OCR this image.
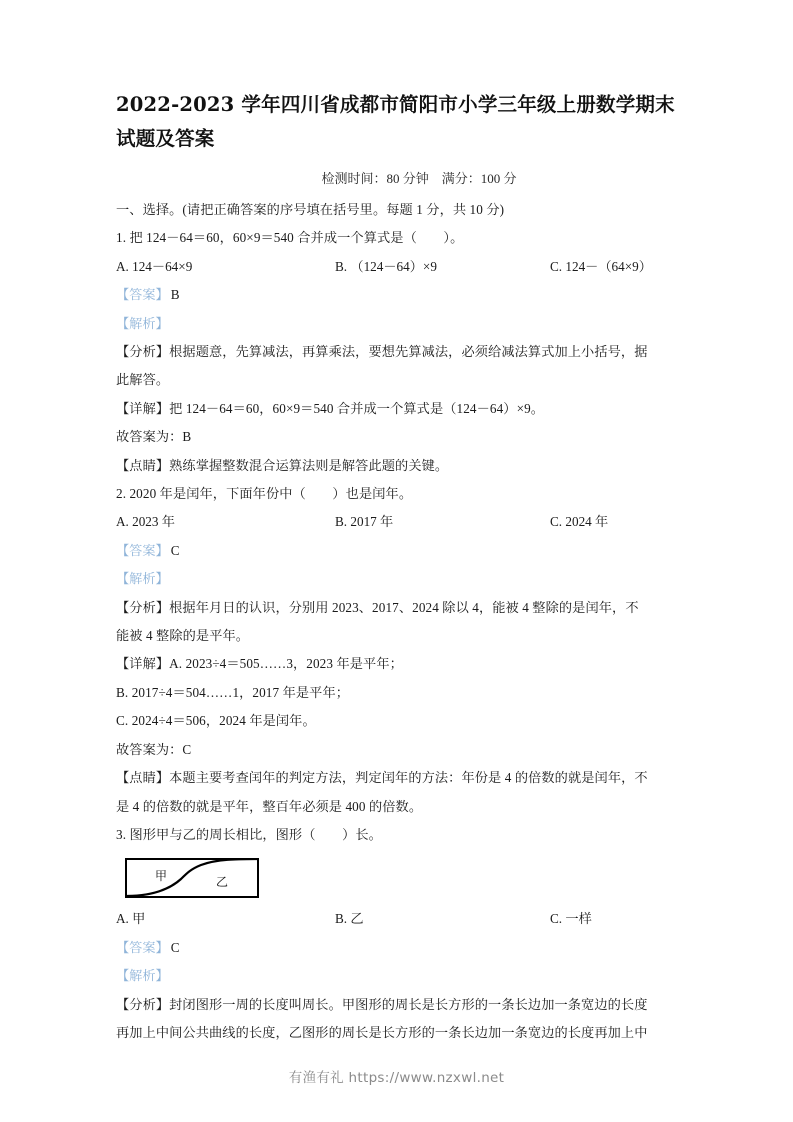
2022-2023 学年四川省成都市简阳市小学三年级上册数学期末试题及答案
检测时间：80 分钟　满分：100 分
一、选择。(请把正确答案的序号填在括号里。每题 1 分，共 10 分)
1. 把 124－64＝60，60×9＝540 合并成一个算式是（　　）。
A. 124－64×9	B. （124－64）×9	C. 124－（64×9）
【答案】 B
【解析】
【分析】根据题意，先算减法，再算乘法，要想先算减法，必须给减法算式加上小括号，据
此解答。
【详解】把 124－64＝60，60×9＝540 合并成一个算式是（124－64）×9。
故答案为：B
【点睛】熟练掌握整数混合运算法则是解答此题的关键。
2. 2020 年是闰年，下面年份中（　　）也是闰年。
A. 2023 年	B. 2017 年	C. 2024 年
【答案】 C
【解析】
【分析】根据年月日的认识，分别用 2023、2017、2024 除以 4，能被 4 整除的是闰年，不
能被 4 整除的是平年。
【详解】A. 2023÷4＝505……3，2023 年是平年；
B. 2017÷4＝504……1，2017 年是平年；
C. 2024÷4＝506，2024 年是闰年。
故答案为：C
【点睛】本题主要考查闰年的判定方法，判定闰年的方法：年份是 4 的倍数的就是闰年，不
是 4 的倍数的就是平年，整百年必须是 400 的倍数。
3. 图形甲与乙的周长相比，图形（　　）长。
甲	乙
A. 甲	B. 乙	C. 一样
【答案】 C
【解析】
【分析】封闭图形一周的长度叫周长。甲图形的周长是长方形的一条长边加一条宽边的长度
再加上中间公共曲线的长度，乙图形的周长是长方形的一条长边加一条宽边的长度再加上中
有渔有礼 https://www.nzxwl.net
